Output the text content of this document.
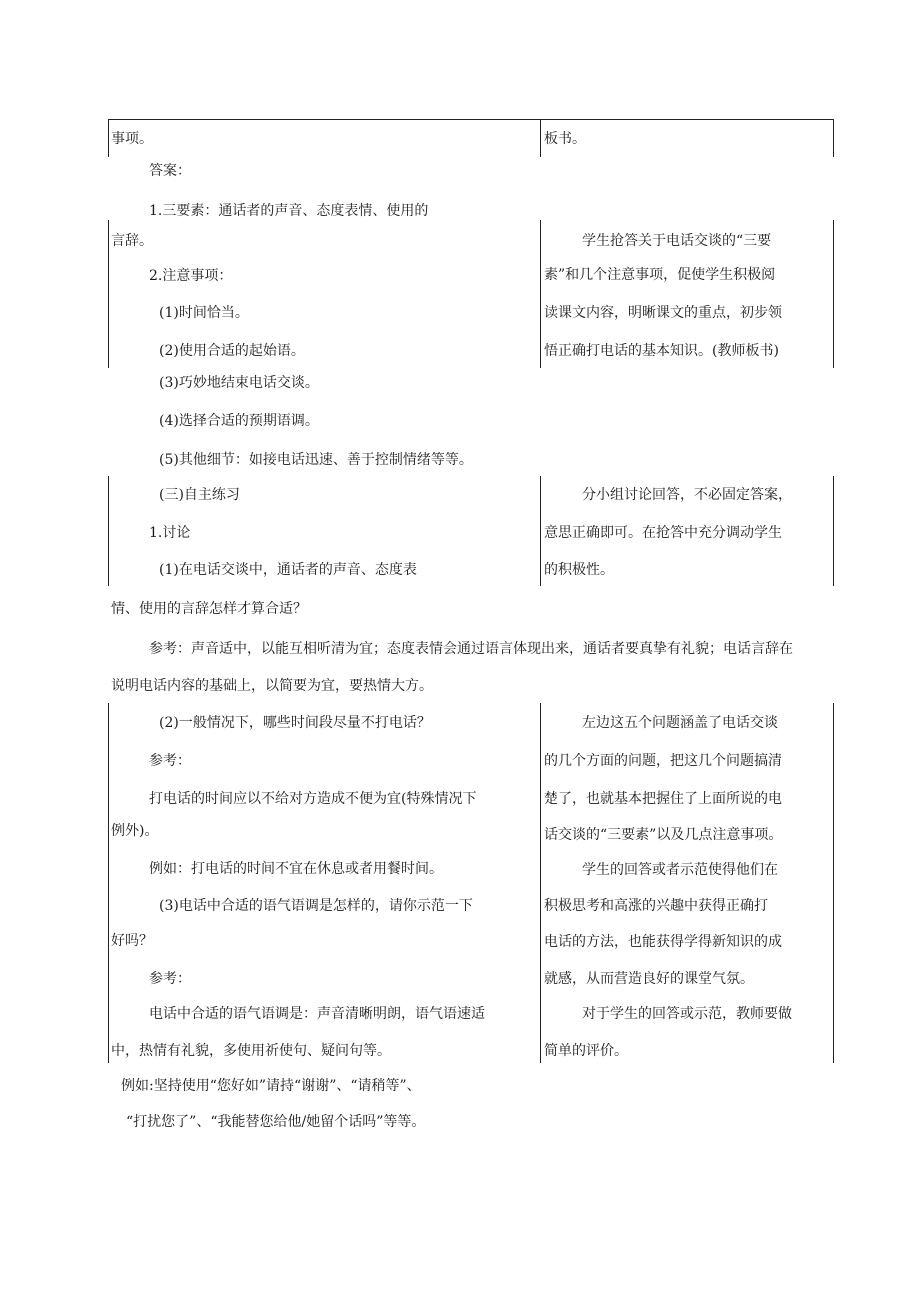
事项。	板书。
答案：
1.三要素：通话者的声音、态度表情、使用的
言辞。
2.注意事项：
(1)时间恰当。
(2)使用合适的起始语。
(3)巧妙地结束电话交谈。
(4)选择合适的预期语调。
(5)其他细节：如接电话迅速、善于控制情绪等等。
学生抢答关于电话交谈的“三要
素”和几个注意事项，促使学生积极阅
读课文内容，明晰课文的重点，初步领
悟正确打电话的基本知识。(教师板书)
(三)自主练习
1.讨论
(1)在电话交谈中，通话者的声音、态度表
情、使用的言辞怎样才算合适？
参考：声音适中，以能互相听清为宜；态度表情会通过语言体现出来，通话者要真挚有礼貌；电话言辞在
说明电话内容的基础上，以简要为宜，要热情大方。
分小组讨论回答，不必固定答案，
意思正确即可。在抢答中充分调动学生
的积极性。
(2)一般情况下，哪些时间段尽量不打电话？
参考：
打电话的时间应以不给对方造成不便为宜(特殊情况下
例外)。
例如：打电话的时间不宜在休息或者用餐时间。
(3)电话中合适的语气语调是怎样的，请你示范一下
好吗？
参考：
电话中合适的语气语调是：声音清晰明朗，语气语速适
中，热情有礼貌，多使用祈使句、疑问句等。
例如:坚持使用“您好如”请持“谢谢”、“请稍等”、
“打扰您了”、“我能替您给他/她留个话吗”等等。
左边这五个问题涵盖了电话交谈
的几个方面的问题，把这几个问题搞清
楚了，也就基本把握住了上面所说的电
话交谈的“三要素”以及几点注意事项。
学生的回答或者示范使得他们在
积极思考和高涨的兴趣中获得正确打
电话的方法，也能获得学得新知识的成
就感，从而营造良好的课堂气氛。
对于学生的回答或示范，教师要做
简单的评价。
